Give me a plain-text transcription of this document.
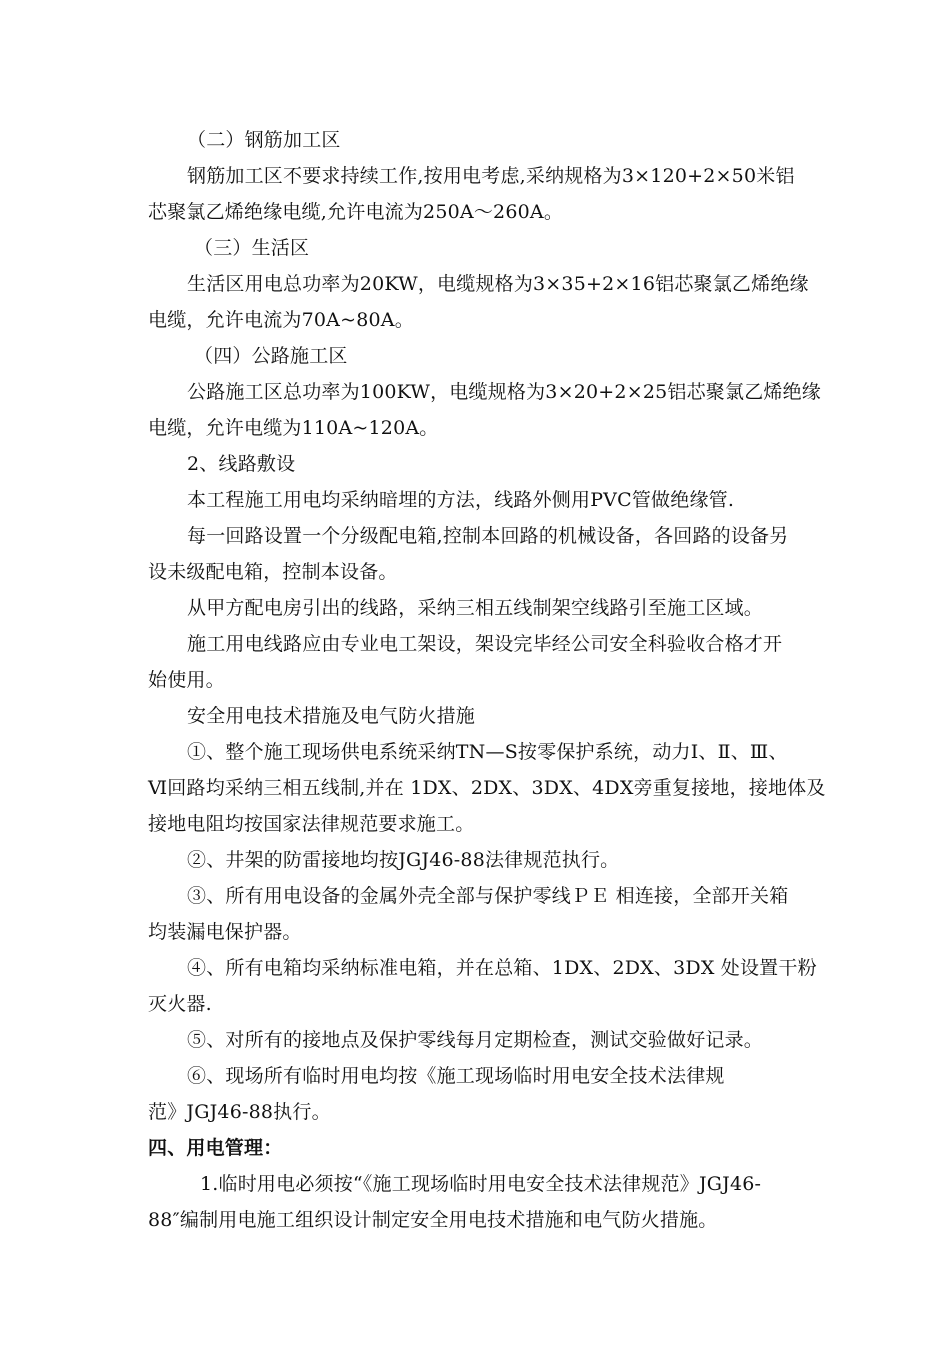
（二）钢筋加工区
钢筋加工区不要求持续工作,按用电考虑,采纳规格为3×120+2×50米铝
芯聚氯乙烯绝缘电缆,允许电流为250A～260A。
（三）生活区
生活区用电总功率为20KW，电缆规格为3×35+2×16铝芯聚氯乙烯绝缘
电缆，允许电流为70A~80A。
（四）公路施工区
公路施工区总功率为100KW，电缆规格为3×20+2×25铝芯聚氯乙烯绝缘
电缆，允许电缆为110A~120A。
2、线路敷设
本工程施工用电均采纳暗埋的方法，线路外侧用PVC管做绝缘管.
每一回路设置一个分级配电箱,控制本回路的机械设备，各回路的设备另
设未级配电箱，控制本设备。
从甲方配电房引出的线路，采纳三相五线制架空线路引至施工区域。
施工用电线路应由专业电工架设，架设完毕经公司安全科验收合格才开
始使用。
安全用电技术措施及电气防火措施
①、整个施工现场供电系统采纳TN—S按零保护系统，动力Ⅰ、Ⅱ、Ⅲ、
Ⅵ回路均采纳三相五线制,并在 1DX、2DX、3DX、4DX旁重复接地，接地体及
接地电阻均按国家法律规范要求施工。
②、井架的防雷接地均按JGJ46-88法律规范执行。
③、所有用电设备的金属外壳全部与保护零线ＰＥ 相连接，全部开关箱
均装漏电保护器。
④、所有电箱均采纳标准电箱，并在总箱、1DX、2DX、3DX 处设置干粉
灭火器.
⑤、对所有的接地点及保护零线每月定期检查，测试交验做好记录。
⑥、现场所有临时用电均按《施工现场临时用电安全技术法律规
范》JGJ46-88执行。
四、用电管理：
1.临时用电必须按“《施工现场临时用电安全技术法律规范》JGJ46-
88″编制用电施工组织设计制定安全用电技术措施和电气防火措施。
